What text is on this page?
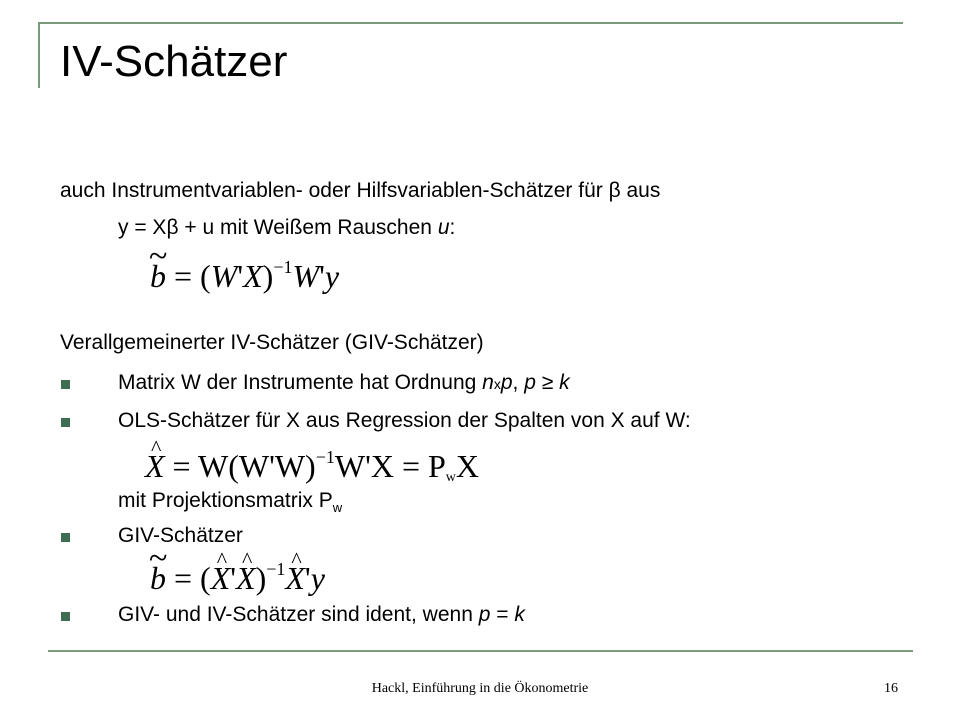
IV-Schätzer
auch Instrumentvariablen- oder Hilfsvariablen-Schätzer für β aus
y = Xβ + u mit Weißem Rauschen u:
~ $b = (W'X)^{-1}W'y$
Verallgemeinerter IV-Schätzer (GIV-Schätzer)
Matrix W der Instrumente hat Ordnung nxp, p ≥ k
OLS-Schätzer für X aus Regression der Spalten von X auf W:
^ $X = W(W'W)^{-1}W'X = P_wX$
mit Projektionsmatrix $P_w$
GIV-Schätzer
~ b = (^ X'^ X)$^{-1}$^ X'y
GIV- und IV-Schätzer sind ident, wenn p = k
Hackl, Einführung in die Ökonometrie	16
